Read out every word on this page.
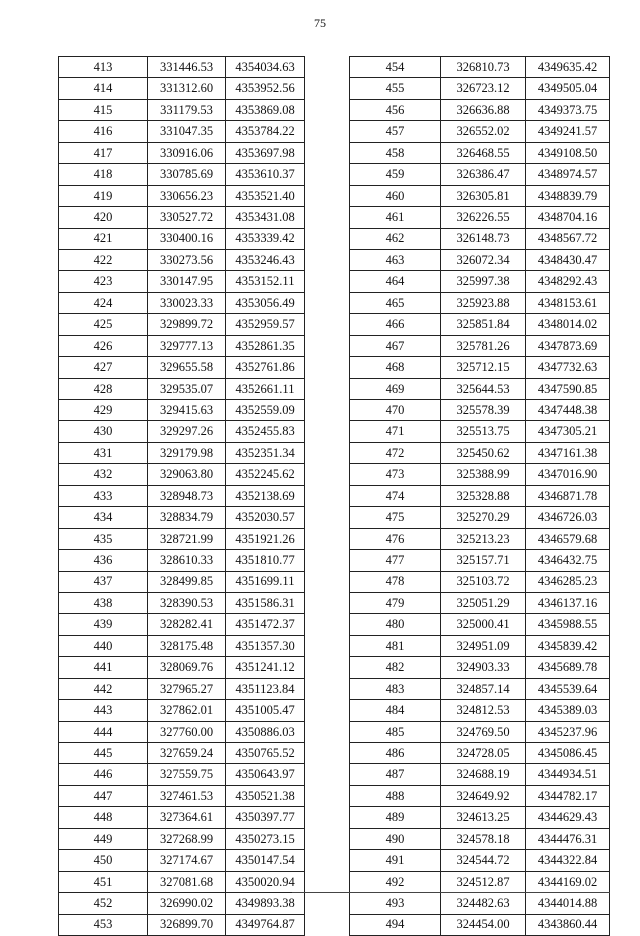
75
413	331446.53	4354034.63
414	331312.60	4353952.56
415	331179.53	4353869.08
416	331047.35	4353784.22
417	330916.06	4353697.98
418	330785.69	4353610.37
419	330656.23	4353521.40
420	330527.72	4353431.08
421	330400.16	4353339.42
422	330273.56	4353246.43
423	330147.95	4353152.11
424	330023.33	4353056.49
425	329899.72	4352959.57
426	329777.13	4352861.35
427	329655.58	4352761.86
428	329535.07	4352661.11
429	329415.63	4352559.09
430	329297.26	4352455.83
431	329179.98	4352351.34
432	329063.80	4352245.62
433	328948.73	4352138.69
434	328834.79	4352030.57
435	328721.99	4351921.26
436	328610.33	4351810.77
437	328499.85	4351699.11
438	328390.53	4351586.31
439	328282.41	4351472.37
440	328175.48	4351357.30
441	328069.76	4351241.12
442	327965.27	4351123.84
443	327862.01	4351005.47
444	327760.00	4350886.03
445	327659.24	4350765.52
446	327559.75	4350643.97
447	327461.53	4350521.38
448	327364.61	4350397.77
449	327268.99	4350273.15
450	327174.67	4350147.54
451	327081.68	4350020.94
452	326990.02	4349893.38
453	326899.70	4349764.87
454	326810.73	4349635.42
455	326723.12	4349505.04
456	326636.88	4349373.75
457	326552.02	4349241.57
458	326468.55	4349108.50
459	326386.47	4348974.57
460	326305.81	4348839.79
461	326226.55	4348704.16
462	326148.73	4348567.72
463	326072.34	4348430.47
464	325997.38	4348292.43
465	325923.88	4348153.61
466	325851.84	4348014.02
467	325781.26	4347873.69
468	325712.15	4347732.63
469	325644.53	4347590.85
470	325578.39	4347448.38
471	325513.75	4347305.21
472	325450.62	4347161.38
473	325388.99	4347016.90
474	325328.88	4346871.78
475	325270.29	4346726.03
476	325213.23	4346579.68
477	325157.71	4346432.75
478	325103.72	4346285.23
479	325051.29	4346137.16
480	325000.41	4345988.55
481	324951.09	4345839.42
482	324903.33	4345689.78
483	324857.14	4345539.64
484	324812.53	4345389.03
485	324769.50	4345237.96
486	324728.05	4345086.45
487	324688.19	4344934.51
488	324649.92	4344782.17
489	324613.25	4344629.43
490	324578.18	4344476.31
491	324544.72	4344322.84
492	324512.87	4344169.02
493	324482.63	4344014.88
494	324454.00	4343860.44
